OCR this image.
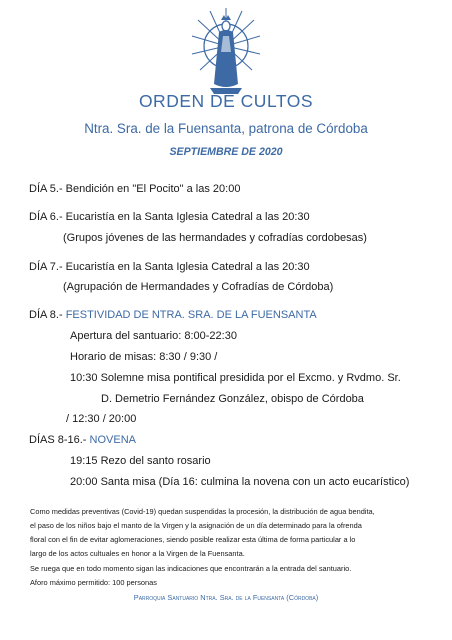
ORDEN DE CULTOS
Ntra. Sra. de la Fuensanta, patrona de Córdoba
SEPTIEMBRE DE 2020
DÍA 5.- Bendición en "El Pocito" a las 20:00
DÍA 6.- Eucaristía en la Santa Iglesia Catedral a las 20:30
(Grupos jóvenes de las hermandades y cofradías cordobesas)
DÍA 7.- Eucaristía en la Santa Iglesia Catedral a las 20:30
(Agrupación de Hermandades y Cofradías de Córdoba)
DÍA 8.- FESTIVIDAD DE NTRA. SRA. DE LA FUENSANTA
Apertura del santuario: 8:00-22:30
Horario de misas: 8:30 / 9:30 /
10:30 Solemne misa pontifical presidida por el Excmo. y Rvdmo. Sr.
D. Demetrio Fernández González, obispo de Córdoba
/ 12:30 / 20:00
DÍAS 8-16.- NOVENA
19:15 Rezo del santo rosario
20:00 Santa misa (Día 16: culmina la novena con un acto eucarístico)
Como medidas preventivas (Covid-19) quedan suspendidas la procesión, la distribución de agua bendita,
el paso de los niños bajo el manto de la Virgen y la asignación de un día determinado para la ofrenda
floral con el fin de evitar aglomeraciones, siendo posible realizar esta última de forma particular a lo
largo de los actos cultuales en honor a la Virgen de la Fuensanta.
Se ruega que en todo momento sigan las indicaciones que encontrarán a la entrada del santuario.
Aforo máximo permitido: 100 personas
Parroquia Santuario Ntra. Sra. de la Fuensanta (Córdoba)
